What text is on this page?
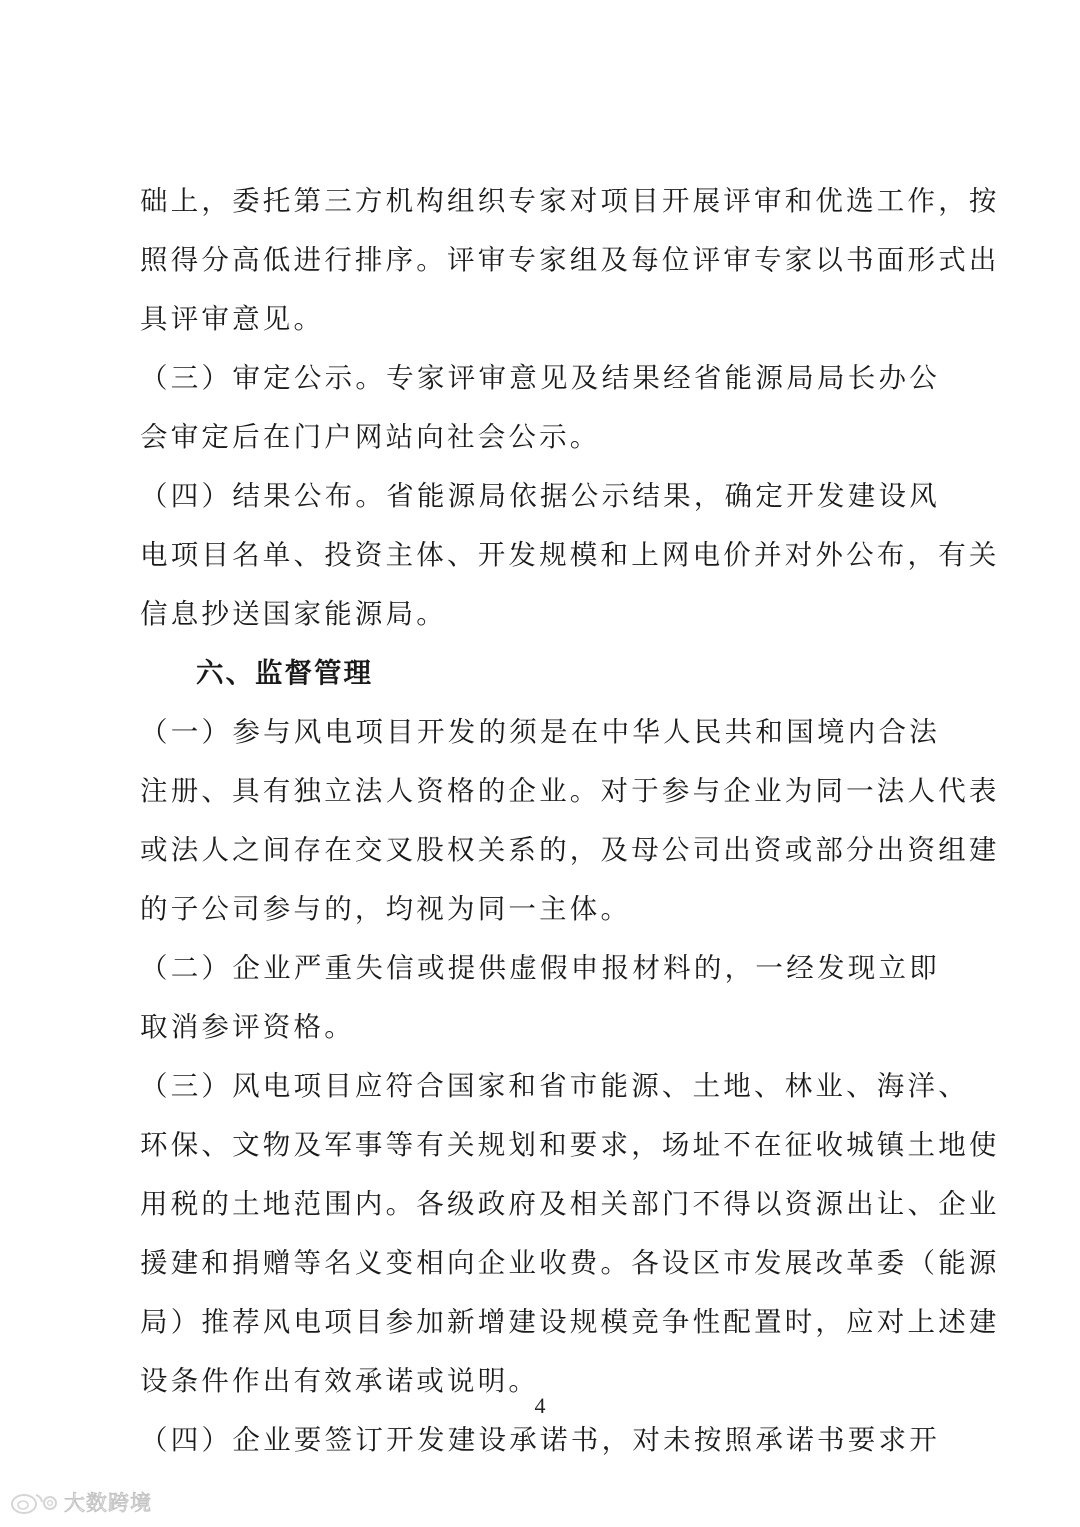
础上，委托第三方机构组织专家对项目开展评审和优选工作，按
照得分高低进行排序。评审专家组及每位评审专家以书面形式出
具评审意见。
（三）审定公示。专家评审意见及结果经省能源局局长办公
会审定后在门户网站向社会公示。
（四）结果公布。省能源局依据公示结果，确定开发建设风
电项目名单、投资主体、开发规模和上网电价并对外公布，有关
信息抄送国家能源局。
六、监督管理
（一）参与风电项目开发的须是在中华人民共和国境内合法
注册、具有独立法人资格的企业。对于参与企业为同一法人代表
或法人之间存在交叉股权关系的，及母公司出资或部分出资组建
的子公司参与的，均视为同一主体。
（二）企业严重失信或提供虚假申报材料的，一经发现立即
取消参评资格。
（三）风电项目应符合国家和省市能源、土地、林业、海洋、
环保、文物及军事等有关规划和要求，场址不在征收城镇土地使
用税的土地范围内。各级政府及相关部门不得以资源出让、企业
援建和捐赠等名义变相向企业收费。各设区市发展改革委（能源
局）推荐风电项目参加新增建设规模竞争性配置时，应对上述建
设条件作出有效承诺或说明。
（四）企业要签订开发建设承诺书，对未按照承诺书要求开
4
大数跨境
